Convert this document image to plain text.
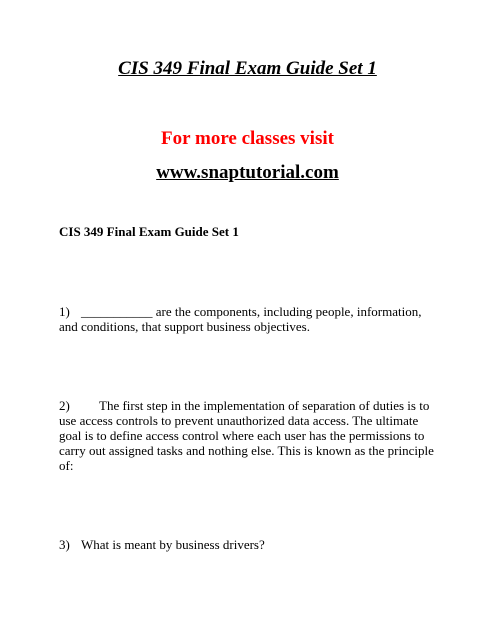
CIS 349 Final Exam Guide Set 1
For more classes visit
www.snaptutorial.com
CIS 349 Final Exam Guide Set 1
1) ___________ are the components, including people, information, and conditions, that support business objectives.
2) The first step in the implementation of separation of duties is to use access controls to prevent unauthorized data access. The ultimate goal is to define access control where each user has the permissions to carry out assigned tasks and nothing else. This is known as the principle of:
3) What is meant by business drivers?
